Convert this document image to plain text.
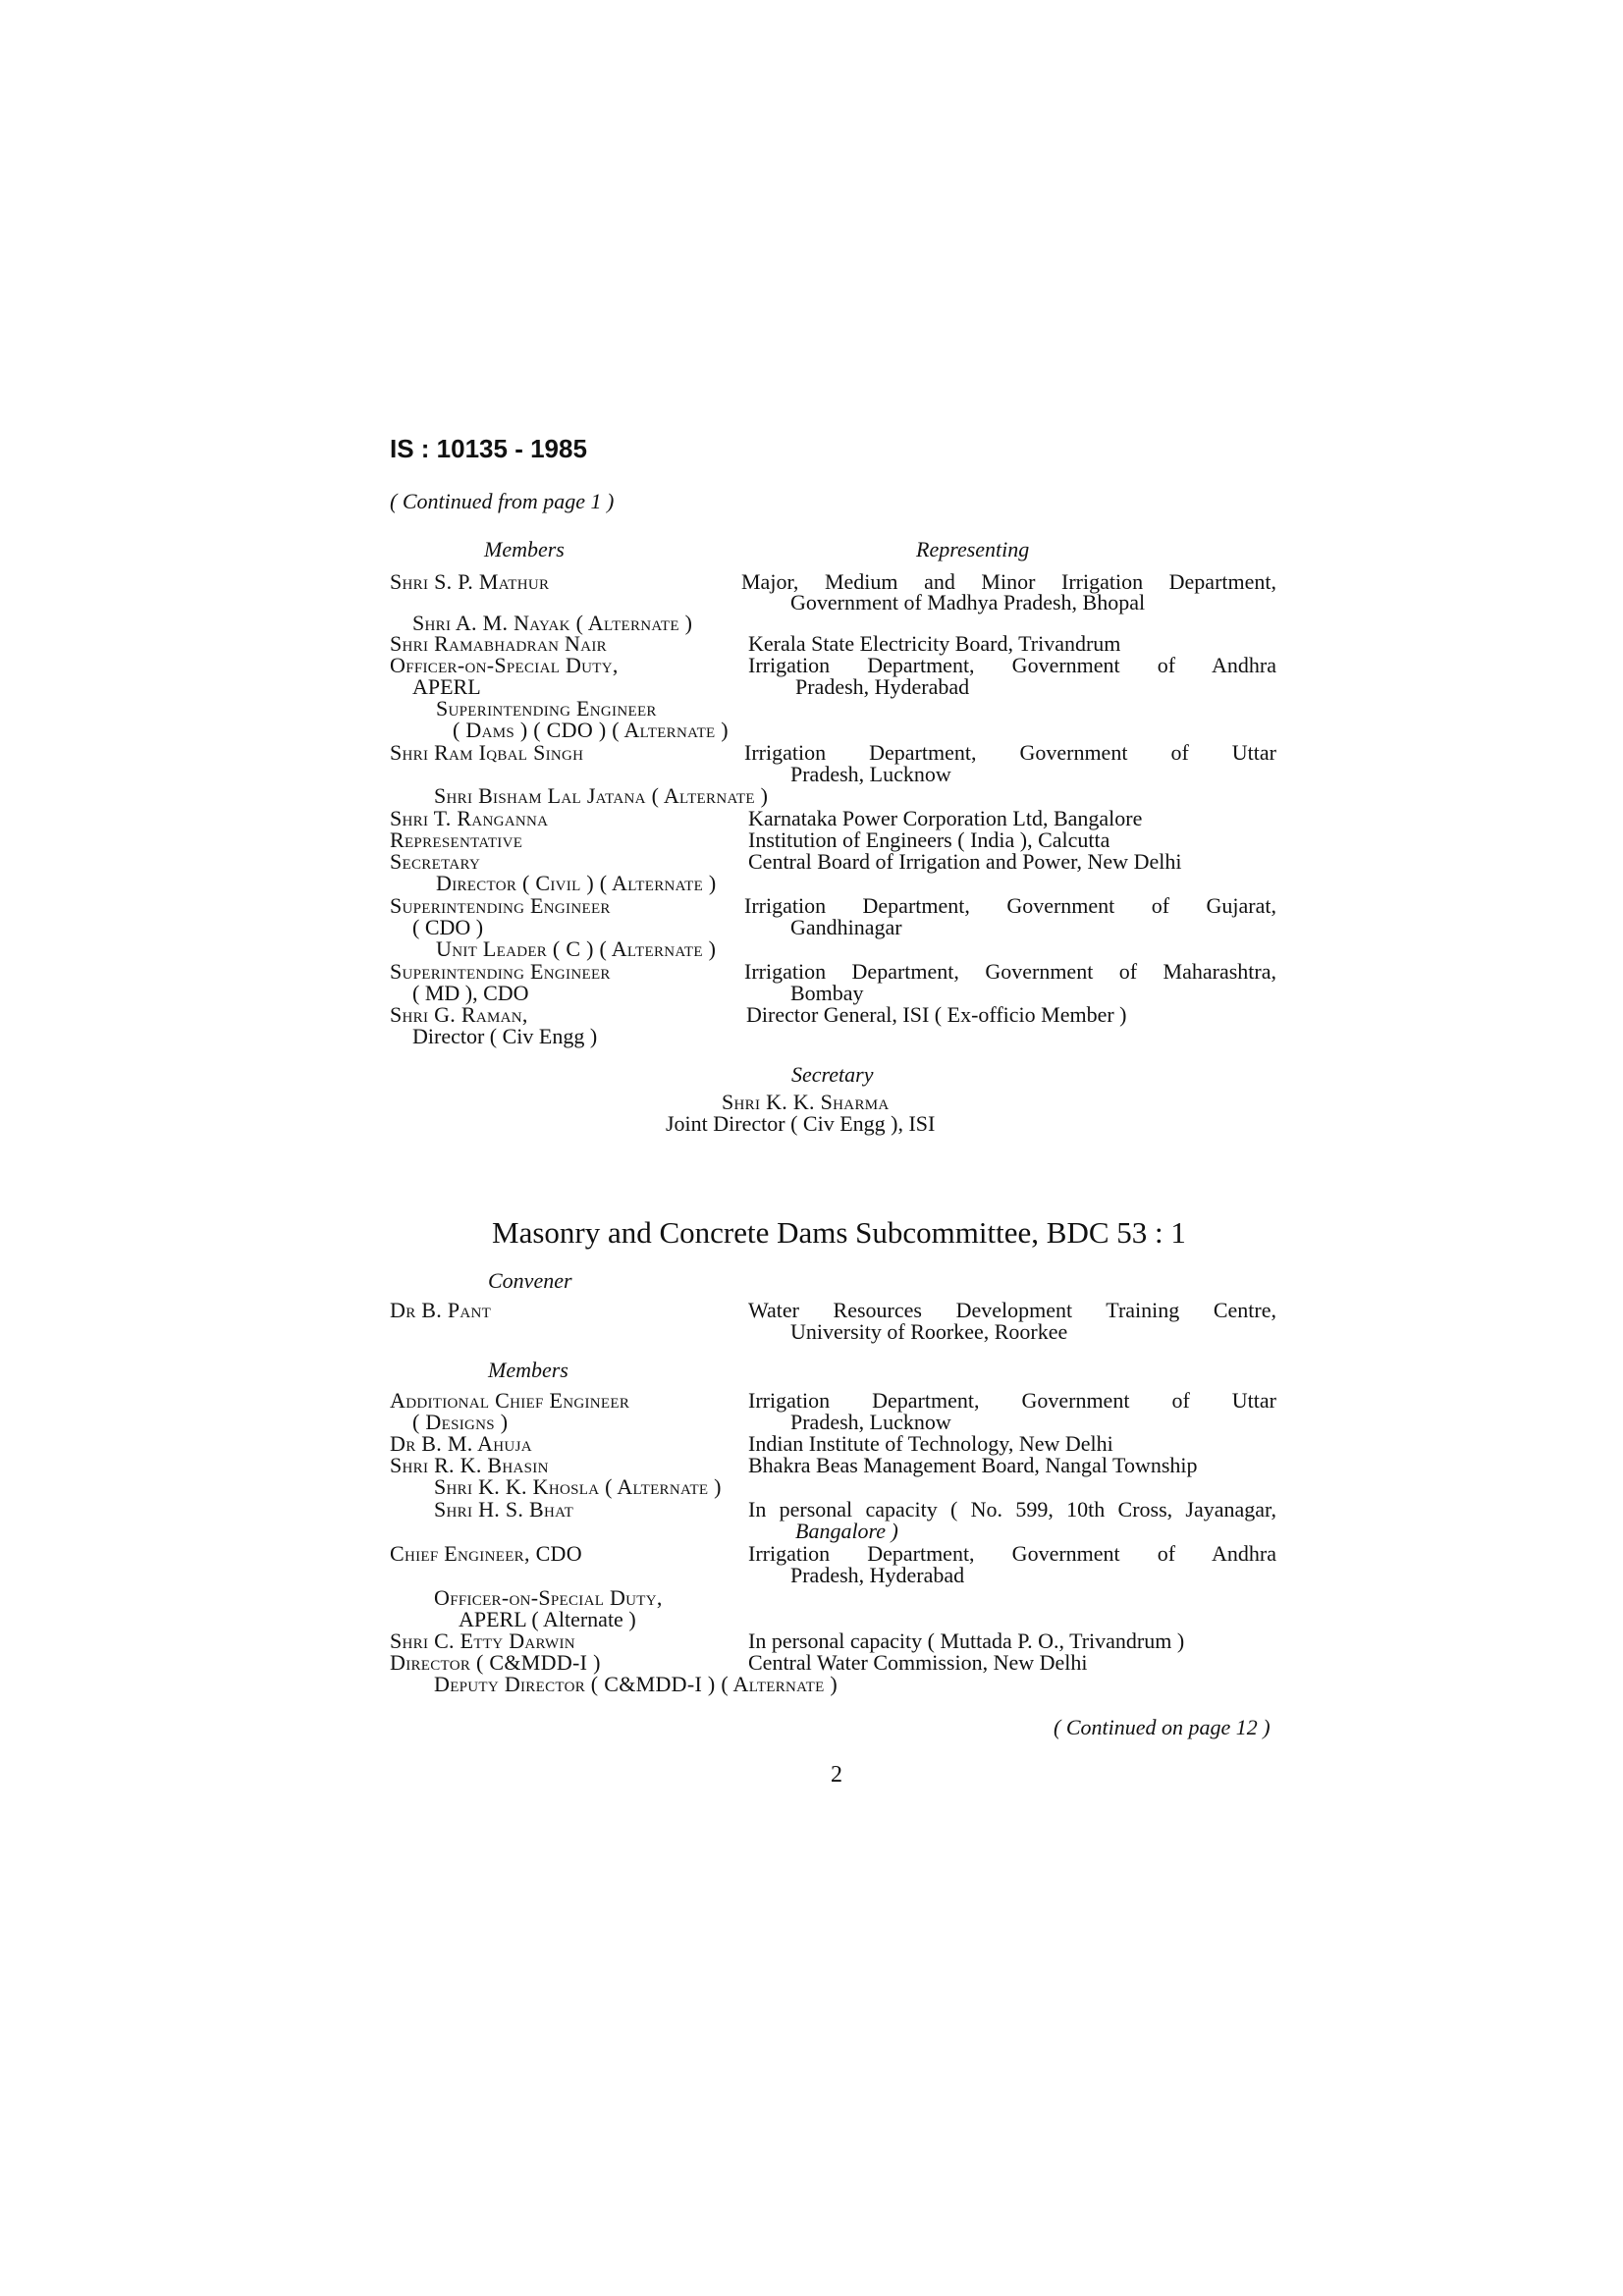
IS : 10135 - 1985
( Continued from page 1 )
Members	Representing
Shri S. P. Mathur
Shri A. M. Nayak ( Alternate )
Shri Ramabhadran Nair
Officer-on-Special Duty,
APERL
Superintending Engineer
( Dams ) ( CDO ) ( Alternate )
Shri Ram Iqbal Singh
Shri Bisham Lal Jatana ( Alternate )
Shri T. Ranganna
Representative
Secretary
Director ( Civil ) ( Alternate )
Superintending Engineer
( CDO )
Unit Leader ( C ) ( Alternate )
Superintending Engineer
( MD ), CDO
Shri G. Raman,
Director ( Civ Engg )
Major, Medium and Minor Irrigation Department,
Government of Madhya Pradesh, Bhopal
Kerala State Electricity Board, Trivandrum
Irrigation Department, Government of Andhra
Pradesh, Hyderabad
Irrigation Department, Government of Uttar
Pradesh, Lucknow
Karnataka Power Corporation Ltd, Bangalore
Institution of Engineers ( India ), Calcutta
Central Board of Irrigation and Power, New Delhi
Irrigation Department, Government of Gujarat,
Gandhinagar
Irrigation Department, Government of Maharashtra,
Bombay
Director General, ISI ( Ex-officio Member )
Secretary
Shri K. K. Sharma
Joint Director ( Civ Engg ), ISI
Masonry and Concrete Dams Subcommittee, BDC 53 : 1
Convener
Dr B. Pant	Water Resources Development Training Centre,
University of Roorkee, Roorkee
Members
Additional Chief Engineer
( Designs )
Dr B. M. Ahuja
Shri R. K. Bhasin
Shri K. K. Khosla ( Alternate )
Shri H. S. Bhat
Chief Engineer, CDO
Officer-on-Special Duty,
APERL ( Alternate )
Shri C. Etty Darwin
Director ( C&MDD-I )
Deputy Director ( C&MDD-I ) ( Alternate )
Irrigation Department, Government of Uttar
Pradesh, Lucknow
Indian Institute of Technology, New Delhi
Bhakra Beas Management Board, Nangal Township
In personal capacity ( No. 599, 10th Cross, Jayanagar,
Bangalore )
Irrigation Department, Government of Andhra
Pradesh, Hyderabad
In personal capacity ( Muttada P. O., Trivandrum )
Central Water Commission, New Delhi
( Continued on page 12 )
2
